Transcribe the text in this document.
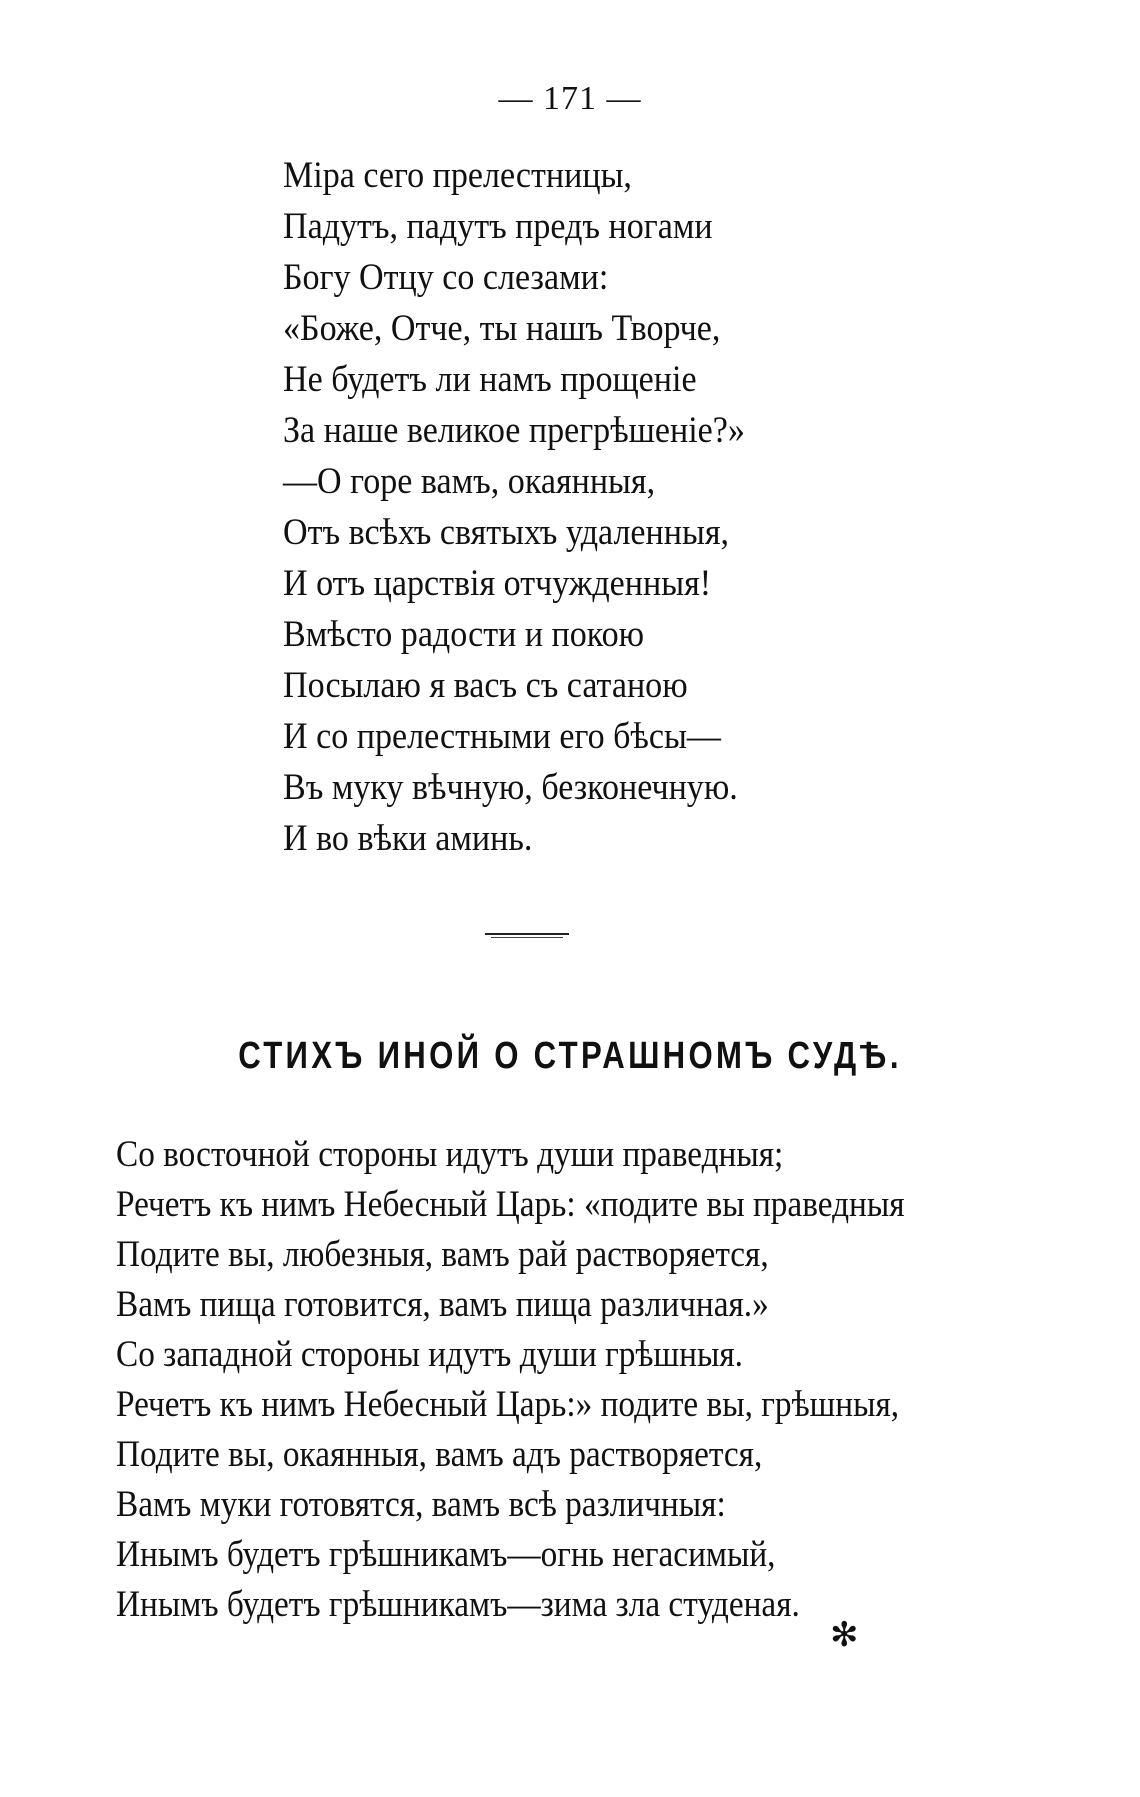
— 171 —
Міра сего прелестницы,
Падутъ, падутъ предъ ногами
Богу Отцу со слезами:
«Боже, Отче, ты нашъ Творче,
Не будетъ ли намъ прощеніе
За наше великое прегрѣшеніе?»
—О горе вамъ, окаянныя,
Отъ всѣхъ святыхъ удаленныя,
И отъ царствія отчужденныя!
Вмѣсто радости и покою
Посылаю я васъ съ сатаною
И со прелестными его бѣсы—
Въ муку вѣчную, безконечную.
И во вѣки аминь.
СТИХЪ ИНОЙ О СТРАШНОМЪ СУДѢ.
Со восточной стороны идутъ души праведныя;
Речетъ къ нимъ Небесный Царь: «подите вы праведныя
Подите вы, любезныя, вамъ рай растворяется,
Вамъ пища готовится, вамъ пища различная.»
Со западной стороны идутъ души грѣшныя.
Речетъ къ нимъ Небесный Царь:» подите вы, грѣшныя,
Подите вы, окаянныя, вамъ адъ растворяется,
Вамъ муки готовятся, вамъ всѣ различныя:
Инымъ будетъ грѣшникамъ—огнь негасимый,
Инымъ будетъ грѣшникамъ—зима зла студеная.
✻
